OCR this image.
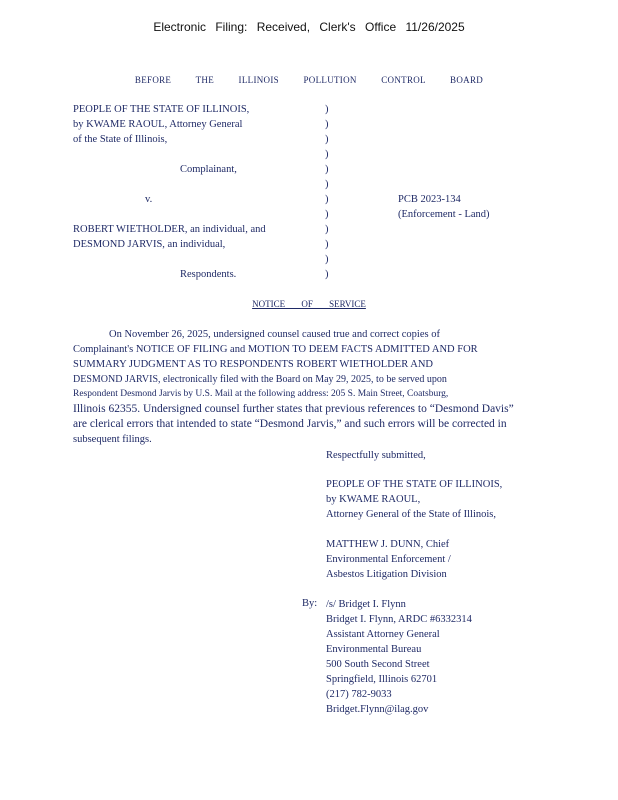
Electronic Filing: Received, Clerk's Office 11/26/2025
BEFORE THE ILLINOIS POLLUTION CONTROL BOARD
PEOPLE OF THE STATE OF ILLINOIS,
by KWAME RAOUL, Attorney General
of the State of Illinois,
Complainant,
v.
ROBERT WIETHOLDER, an individual, and
DESMOND JARVIS, an individual,
Respondents.
)
)
)
)
)
)
)
)
)
)
)
)
PCB 2023-134
(Enforcement - Land)
NOTICE OF SERVICE
On November 26, 2025, undersigned counsel caused true and correct copies of
Complainant's NOTICE OF FILING and MOTION TO DEEM FACTS ADMITTED AND FOR
SUMMARY JUDGMENT AS TO RESPONDENTS ROBERT WIETHOLDER AND
DESMOND JARVIS, electronically filed with the Board on May 29, 2025, to be served upon
Respondent Desmond Jarvis by U.S. Mail at the following address: 205 S. Main Street, Coatsburg,
Illinois 62355. Undersigned counsel further states that previous references to “Desmond Davis”
are clerical errors that intended to state “Desmond Jarvis,” and such errors will be corrected in
subsequent filings.
Respectfully submitted,
PEOPLE OF THE STATE OF ILLINOIS,
by KWAME RAOUL,
Attorney General of the State of Illinois,
MATTHEW J. DUNN, Chief
Environmental Enforcement /
Asbestos Litigation Division
By: /s/ Bridget I. Flynn
Bridget I. Flynn, ARDC #6332314
Assistant Attorney General
Environmental Bureau
500 South Second Street
Springfield, Illinois 62701
(217) 782-9033
Bridget.Flynn@ilag.gov
